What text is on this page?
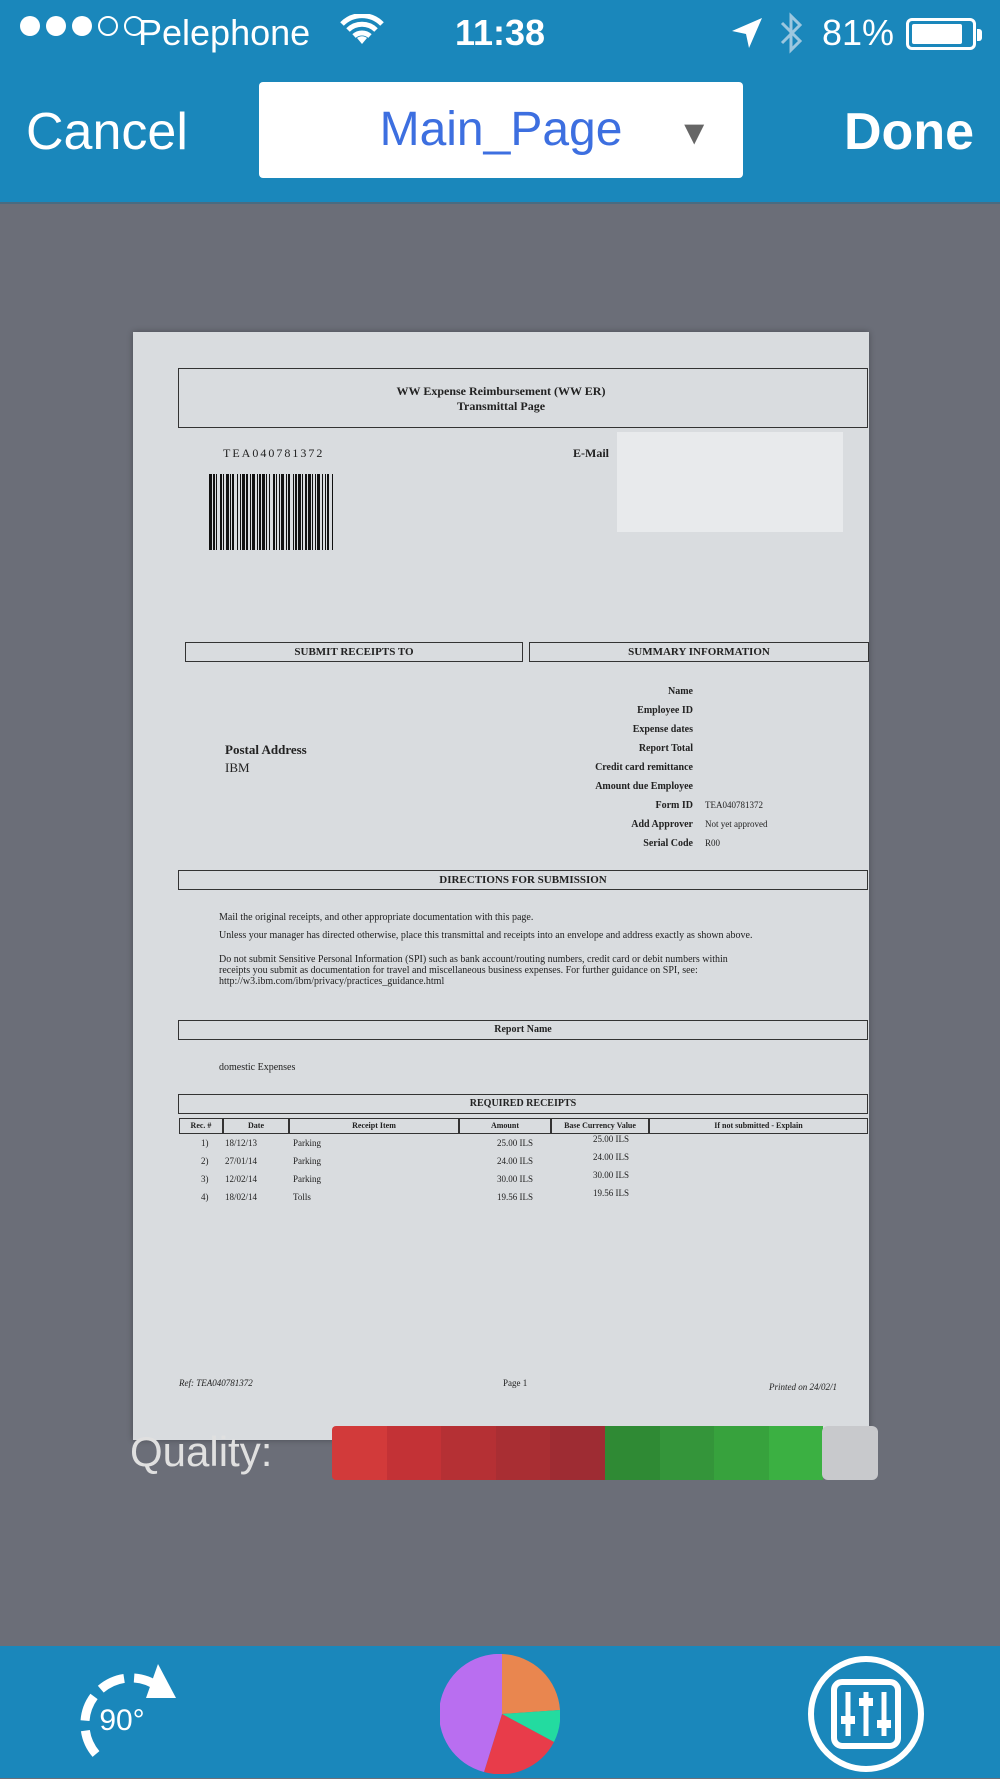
Pelephone	11:38	81%
Cancel	Main_Page	▼	Done
WW Expense Reimbursement (WW ER)
Transmittal Page
TEA040781372	E-Mail
SUBMIT RECEIPTS TO	SUMMARY INFORMATION
Postal Address
IBM
Name
Employee ID
Expense dates
Report Total
Credit card remittance
Amount due Employee
Form ID TEA040781372
Add Approver Not yet approved
Serial Code R00
DIRECTIONS FOR SUBMISSION
Mail the original receipts, and other appropriate documentation with this page.
Unless your manager has directed otherwise, place this transmittal and receipts into an envelope and address exactly as shown above.
Do not submit Sensitive Personal Information (SPI) such as bank account/routing numbers, credit card or debit numbers within
receipts you submit as documentation for travel and miscellaneous business expenses. For further guidance on SPI, see:
http://w3.ibm.com/ibm/privacy/practices_guidance.html
Report Name
domestic Expenses
REQUIRED RECEIPTS
Rec. #	Date	Receipt Item	Amount	Base Currency Value	If not submitted - Explain
1) 18/12/13	Parking	25.00 ILS	25.00 ILS
2) 27/01/14	Parking	24.00 ILS	24.00 ILS
3) 12/02/14	Parking	30.00 ILS	30.00 ILS
4) 18/02/14	Tolls	19.56 ILS	19.56 ILS
Ref: TEA040781372	Page 1	Printed on 24/02/1
Quality:
90°
